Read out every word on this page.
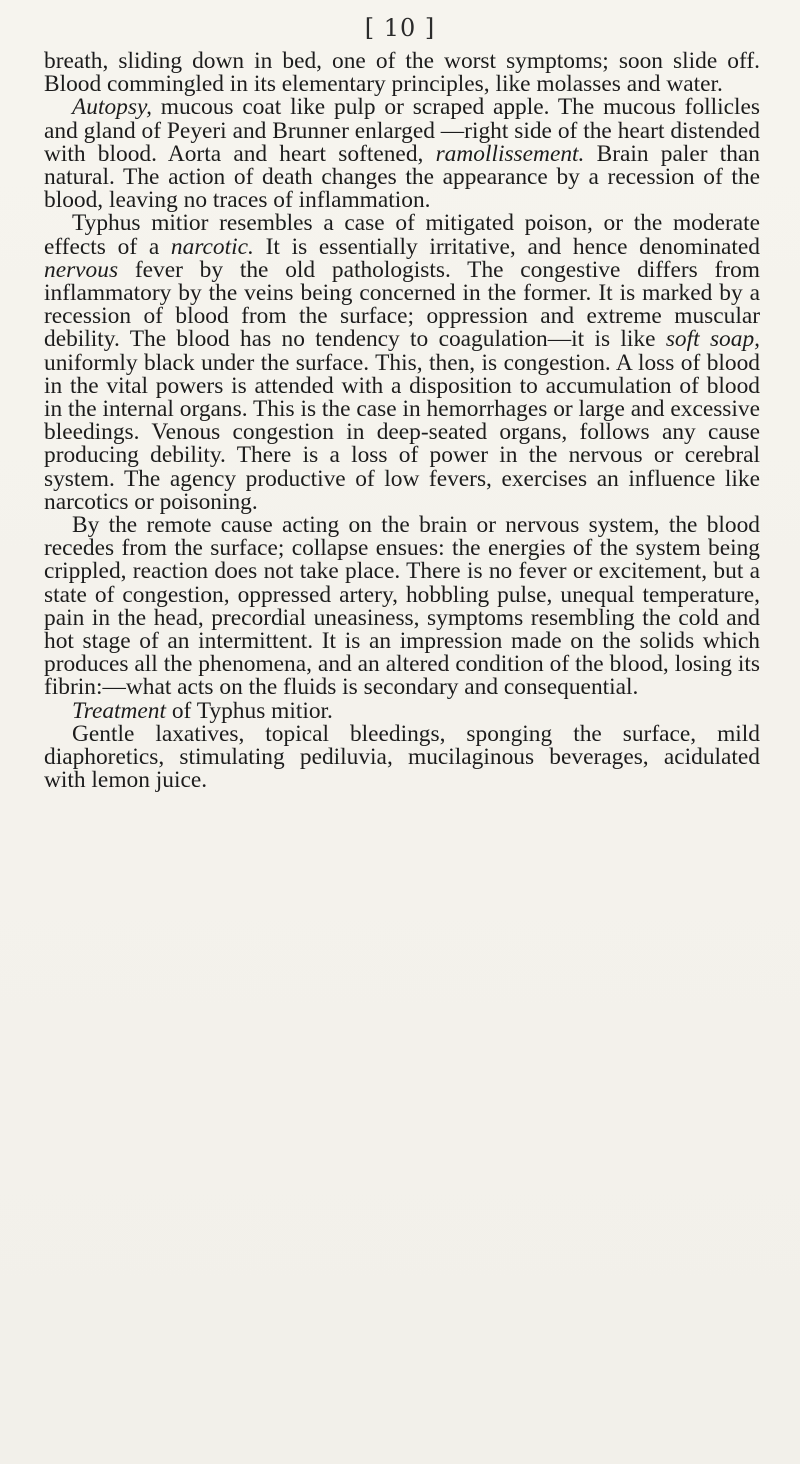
[ 10 ]

breath, sliding down in bed, one of the worst symptoms; soon slide off. Blood commingled in its elementary principles, like molasses and water.

Autopsy, mucous coat like pulp or scraped apple. The mucous follicles and gland of Peyeri and Brunner enlarged —right side of the heart distended with blood. Aorta and heart softened, ramollissement. Brain paler than natural. The action of death changes the appearance by a recession of the blood, leaving no traces of inflammation.

Typhus mitior resembles a case of mitigated poison, or the moderate effects of a narcotic. It is essentially irritative, and hence denominated nervous fever by the old pathologists. The congestive differs from inflammatory by the veins being concerned in the former. It is marked by a recession of blood from the surface; oppression and extreme muscular debility. The blood has no tendency to coagulation—it is like soft soap, uniformly black under the surface. This, then, is congestion. A loss of blood in the vital powers is attended with a disposition to accumulation of blood in the internal organs. This is the case in hemorrhages or large and excessive bleedings. Venous congestion in deep-seated organs, follows any cause producing debility. There is a loss of power in the nervous or cerebral system. The agency productive of low fevers, exercises an influence like narcotics or poisoning.

By the remote cause acting on the brain or nervous system, the blood recedes from the surface; collapse ensues: the energies of the system being crippled, reaction does not take place. There is no fever or excitement, but a state of congestion, oppressed artery, hobbling pulse, unequal temperature, pain in the head, precordial uneasiness, symptoms resembling the cold and hot stage of an intermittent. It is an impression made on the solids which produces all the phenomena, and an altered condition of the blood, losing its fibrin:—what acts on the fluids is secondary and consequential.

Treatment of Typhus mitior.

Gentle laxatives, topical bleedings, sponging the surface, mild diaphoretics, stimulating pediluvia, mucilaginous beverages, acidulated with lemon juice.
